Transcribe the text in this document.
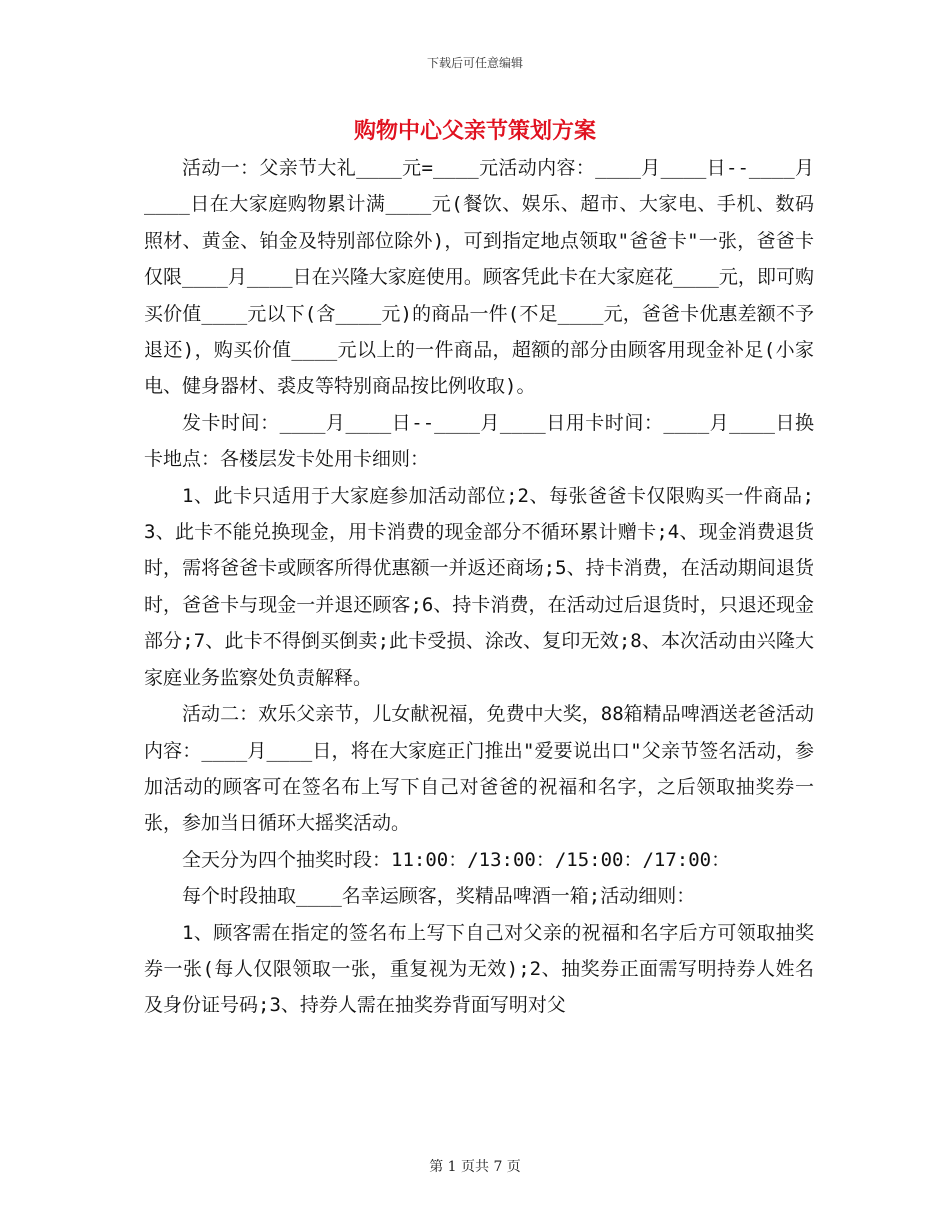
下载后可任意编辑
购物中心父亲节策划方案

活动一：父亲节大礼____元=____元活动内容：____月____日--____月____日在大家庭购物累计满____元(餐饮、娱乐、超市、大家电、手机、数码照材、黄金、铂金及特别部位除外)，可到指定地点领取"爸爸卡"一张，爸爸卡仅限____月____日在兴隆大家庭使用。顾客凭此卡在大家庭花____元，即可购买价值____元以下(含____元)的商品一件(不足____元，爸爸卡优惠差额不予退还)，购买价值____元以上的一件商品，超额的部分由顾客用现金补足(小家电、健身器材、裘皮等特别商品按比例收取)。

发卡时间：____月____日--____月____日用卡时间：____月____日换卡地点：各楼层发卡处用卡细则：

1、此卡只适用于大家庭参加活动部位;2、每张爸爸卡仅限购买一件商品;3、此卡不能兑换现金，用卡消费的现金部分不循环累计赠卡;4、现金消费退货时，需将爸爸卡或顾客所得优惠额一并返还商场;5、持卡消费，在活动期间退货时，爸爸卡与现金一并退还顾客;6、持卡消费，在活动过后退货时，只退还现金部分;7、此卡不得倒买倒卖;此卡受损、涂改、复印无效;8、本次活动由兴隆大家庭业务监察处负责解释。

活动二：欢乐父亲节，儿女献祝福，免费中大奖，88箱精品啤酒送老爸活动内容：____月____日，将在大家庭正门推出"爱要说出口"父亲节签名活动，参加活动的顾客可在签名布上写下自己对爸爸的祝福和名字，之后领取抽奖券一张，参加当日循环大摇奖活动。

全天分为四个抽奖时段：11:00：/13:00：/15:00：/17:00：

每个时段抽取____名幸运顾客，奖精品啤酒一箱;活动细则：

1、顾客需在指定的签名布上写下自己对父亲的祝福和名字后方可领取抽奖券一张(每人仅限领取一张，重复视为无效);2、抽奖券正面需写明持券人姓名及身份证号码;3、持券人需在抽奖券背面写明对父

第 1 页共 7 页
